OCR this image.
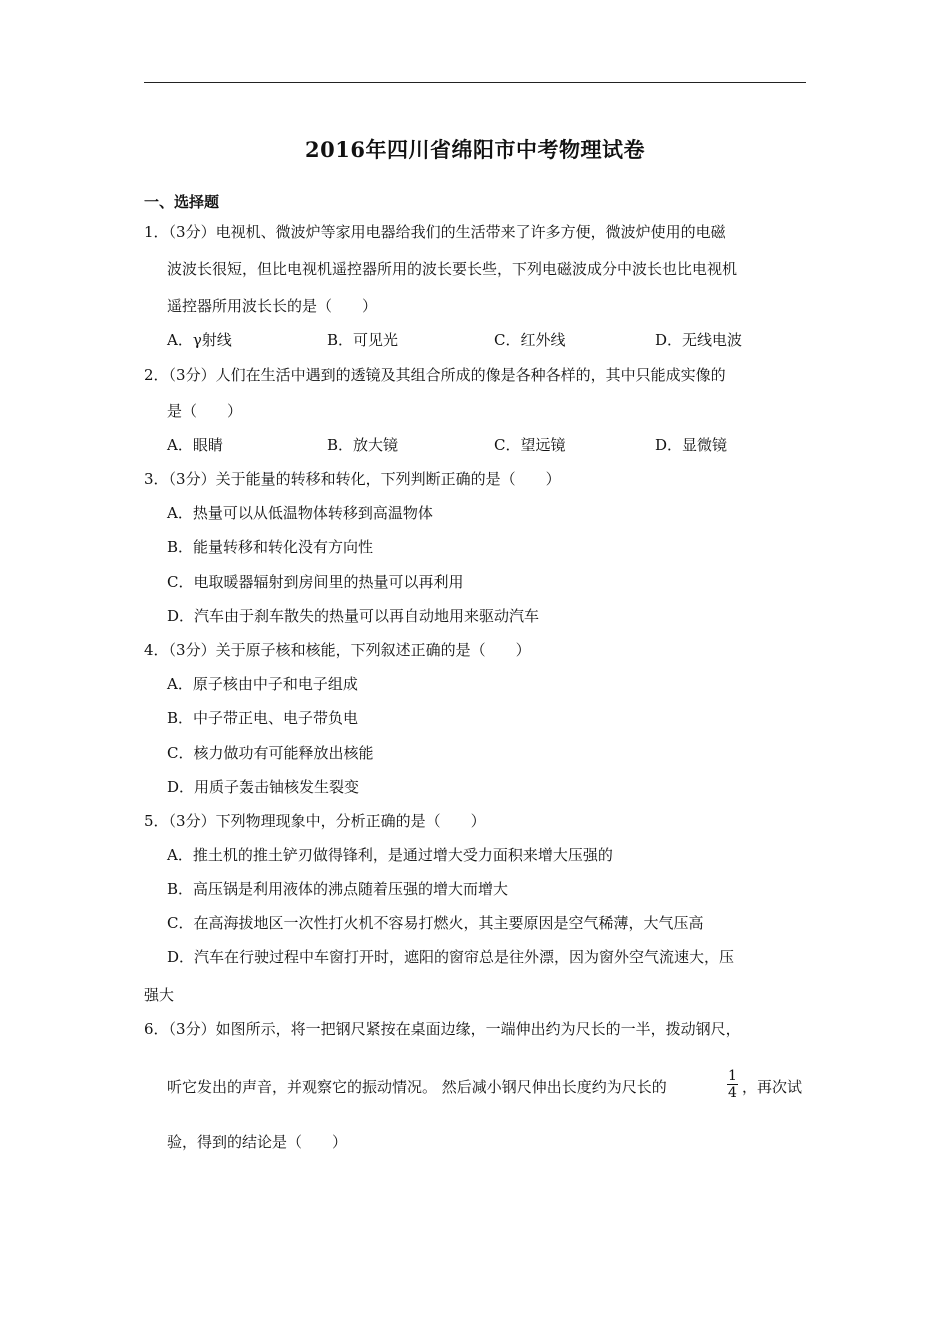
2016年四川省绵阳市中考物理试卷
一、选择题
1．（3分）电视机、微波炉等家用电器给我们的生活带来了许多方便，微波炉使用的电磁
波波长很短，但比电视机遥控器所用的波长要长些，下列电磁波成分中波长也比电视机
遥控器所用波长长的是（　　）
A．γ射线	B．可见光	C．红外线	D．无线电波
2．（3分）人们在生活中遇到的透镜及其组合所成的像是各种各样的，其中只能成实像的
是（　　）
A．眼睛	B．放大镜	C．望远镜	D．显微镜
3．（3分）关于能量的转移和转化，下列判断正确的是（　　）
A．热量可以从低温物体转移到高温物体
B．能量转移和转化没有方向性
C．电取暖器辐射到房间里的热量可以再利用
D．汽车由于刹车散失的热量可以再自动地用来驱动汽车
4．（3分）关于原子核和核能，下列叙述正确的是（　　）
A．原子核由中子和电子组成
B．中子带正电、电子带负电
C．核力做功有可能释放出核能
D．用质子轰击铀核发生裂变
5．（3分）下列物理现象中，分析正确的是（　　）
A．推土机的推土铲刃做得锋利，是通过增大受力面积来增大压强的
B．高压锅是利用液体的沸点随着压强的增大而增大
C．在高海拔地区一次性打火机不容易打燃火，其主要原因是空气稀薄，大气压高
D．汽车在行驶过程中车窗打开时，遮阳的窗帘总是往外漂，因为窗外空气流速大，压
强大
6．（3分）如图所示，将一把钢尺紧按在桌面边缘，一端伸出约为尺长的一半，拨动钢尺，
听它发出的声音，并观察它的振动情况。 然后减小钢尺伸出长度约为尺长的	$\frac{1}{4}$ ，再次试
验，得到的结论是（　　）
